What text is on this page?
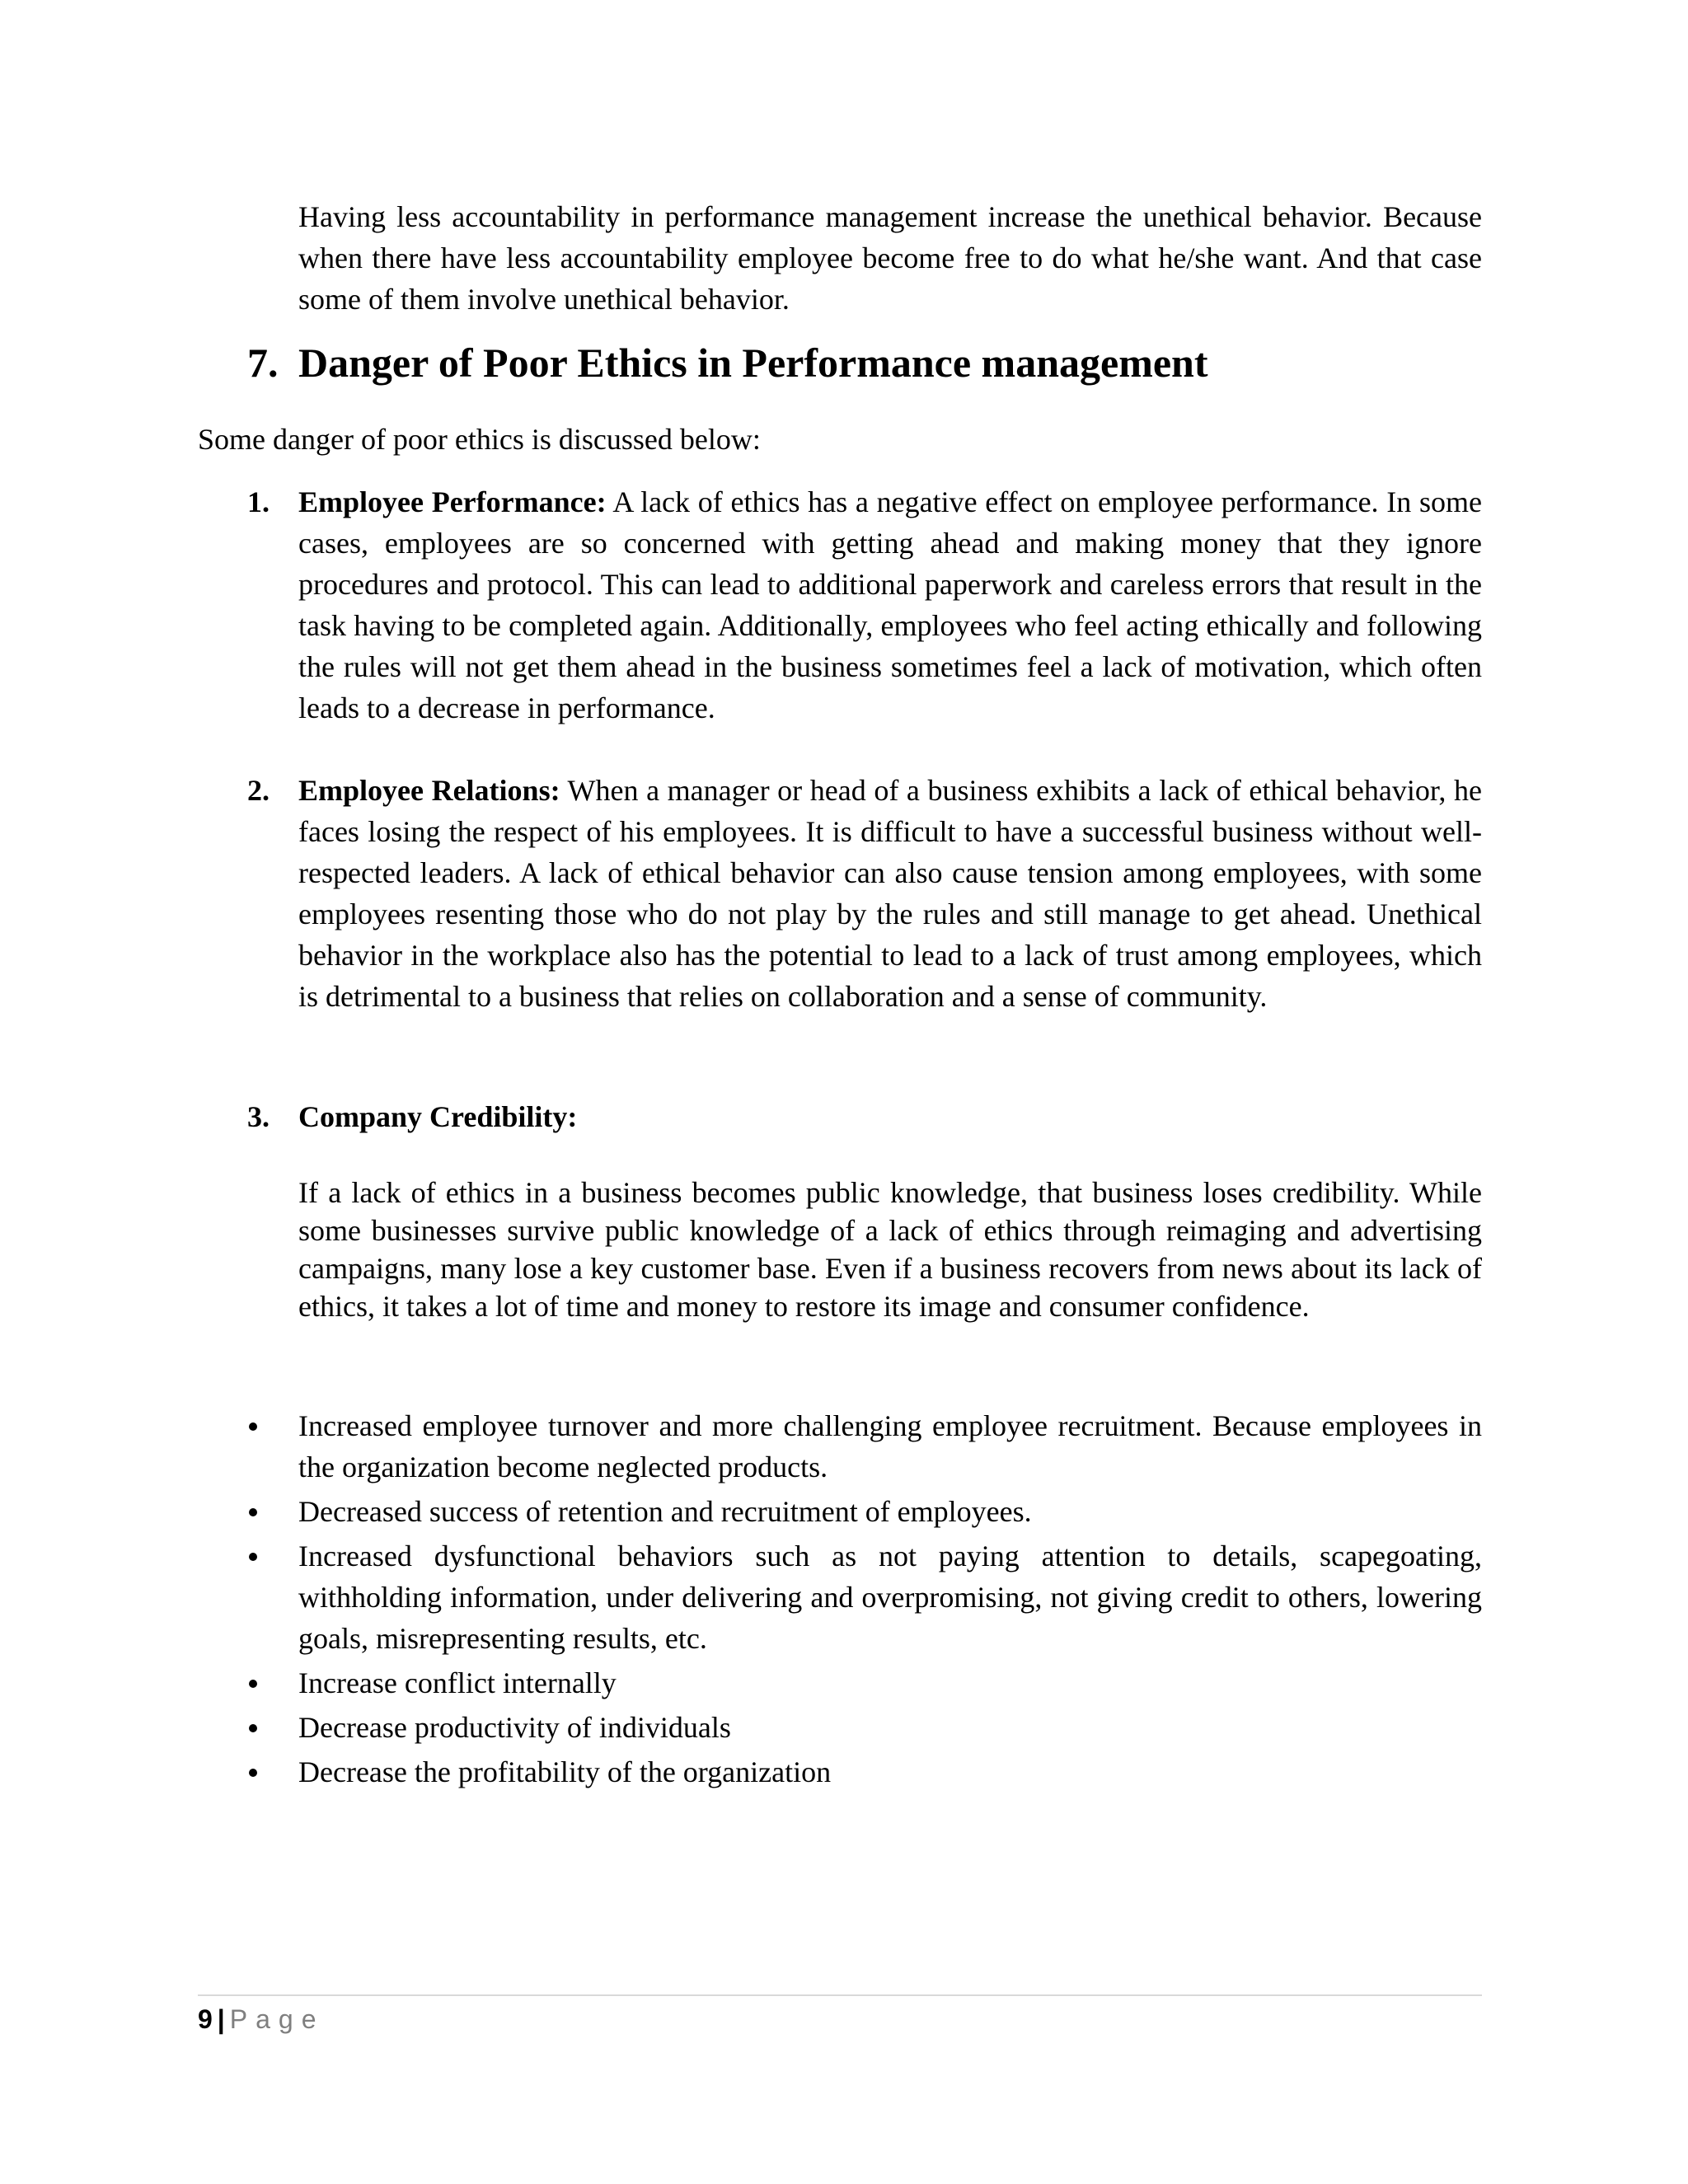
Having less accountability in performance management increase the unethical behavior. Because when there have less accountability employee become free to do what he/she want. And that case some of them involve unethical behavior.

7. Danger of Poor Ethics in Performance management

Some danger of poor ethics is discussed below:

1. Employee Performance: A lack of ethics has a negative effect on employee performance. In some cases, employees are so concerned with getting ahead and making money that they ignore procedures and protocol. This can lead to additional paperwork and careless errors that result in the task having to be completed again. Additionally, employees who feel acting ethically and following the rules will not get them ahead in the business sometimes feel a lack of motivation, which often leads to a decrease in performance.
2. Employee Relations: When a manager or head of a business exhibits a lack of ethical behavior, he faces losing the respect of his employees. It is difficult to have a successful business without well-respected leaders. A lack of ethical behavior can also cause tension among employees, with some employees resenting those who do not play by the rules and still manage to get ahead. Unethical behavior in the workplace also has the potential to lead to a lack of trust among employees, which is detrimental to a business that relies on collaboration and a sense of community.
3. Company Credibility:

If a lack of ethics in a business becomes public knowledge, that business loses credibility. While some businesses survive public knowledge of a lack of ethics through reimaging and advertising campaigns, many lose a key customer base. Even if a business recovers from news about its lack of ethics, it takes a lot of time and money to restore its image and consumer confidence.

Increased employee turnover and more challenging employee recruitment. Because employees in the organization become neglected products.
Decreased success of retention and recruitment of employees.
Increased dysfunctional behaviors such as not paying attention to details, scapegoating, withholding information, under delivering and overpromising, not giving credit to others, lowering goals, misrepresenting results, etc.
Increase conflict internally
Decrease productivity of individuals
Decrease the profitability of the organization
9 | Page
